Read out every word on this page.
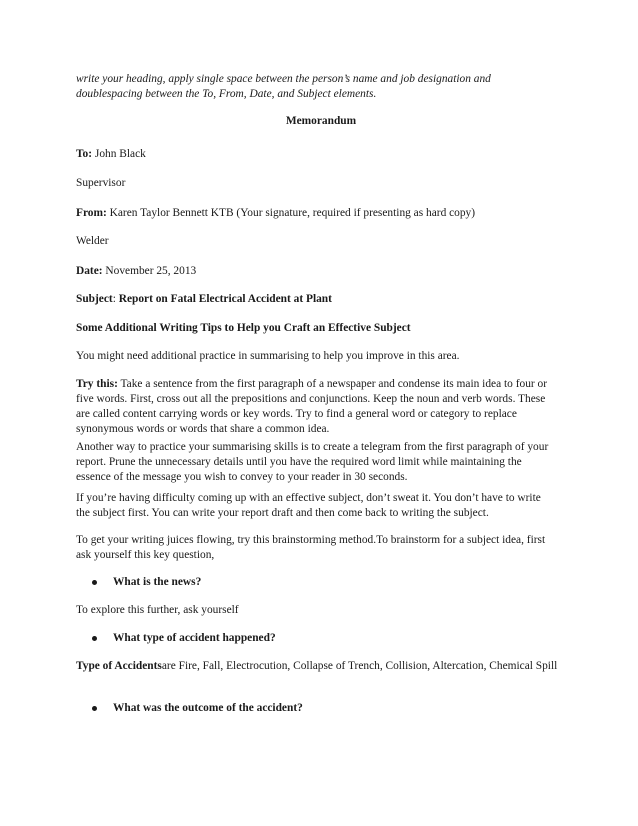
write your heading, apply single space between the person’s name and job designation and doublespacing between the To, From, Date, and Subject elements.

Memorandum

To: John Black

Supervisor

From: Karen Taylor Bennett KTB (Your signature, required if presenting as hard copy)

Welder

Date: November 25, 2013

Subject: Report on Fatal Electrical Accident at Plant

Some Additional Writing Tips to Help you Craft an Effective Subject

You might need additional practice in summarising to help you improve in this area.

Try this: Take a sentence from the first paragraph of a newspaper and condense its main idea to four or five words. First, cross out all the prepositions and conjunctions. Keep the noun and verb words. These are called content carrying words or key words. Try to find a general word or category to replace synonymous words or words that share a common idea.

Another way to practice your summarising skills is to create a telegram from the first paragraph of your report. Prune the unnecessary details until you have the required word limit while maintaining the essence of the message you wish to convey to your reader in 30 seconds.

If you’re having difficulty coming up with an effective subject, don’t sweat it. You don’t have to write the subject first. You can write your report draft and then come back to writing the subject.

To get your writing juices flowing, try this brainstorming method.To brainstorm for a subject idea, first ask yourself this key question,

What is the news?

To explore this further, ask yourself

What type of accident happened?

Type of Accidentsare Fire, Fall, Electrocution, Collapse of Trench, Collision, Altercation, Chemical Spill

What was the outcome of the accident?
